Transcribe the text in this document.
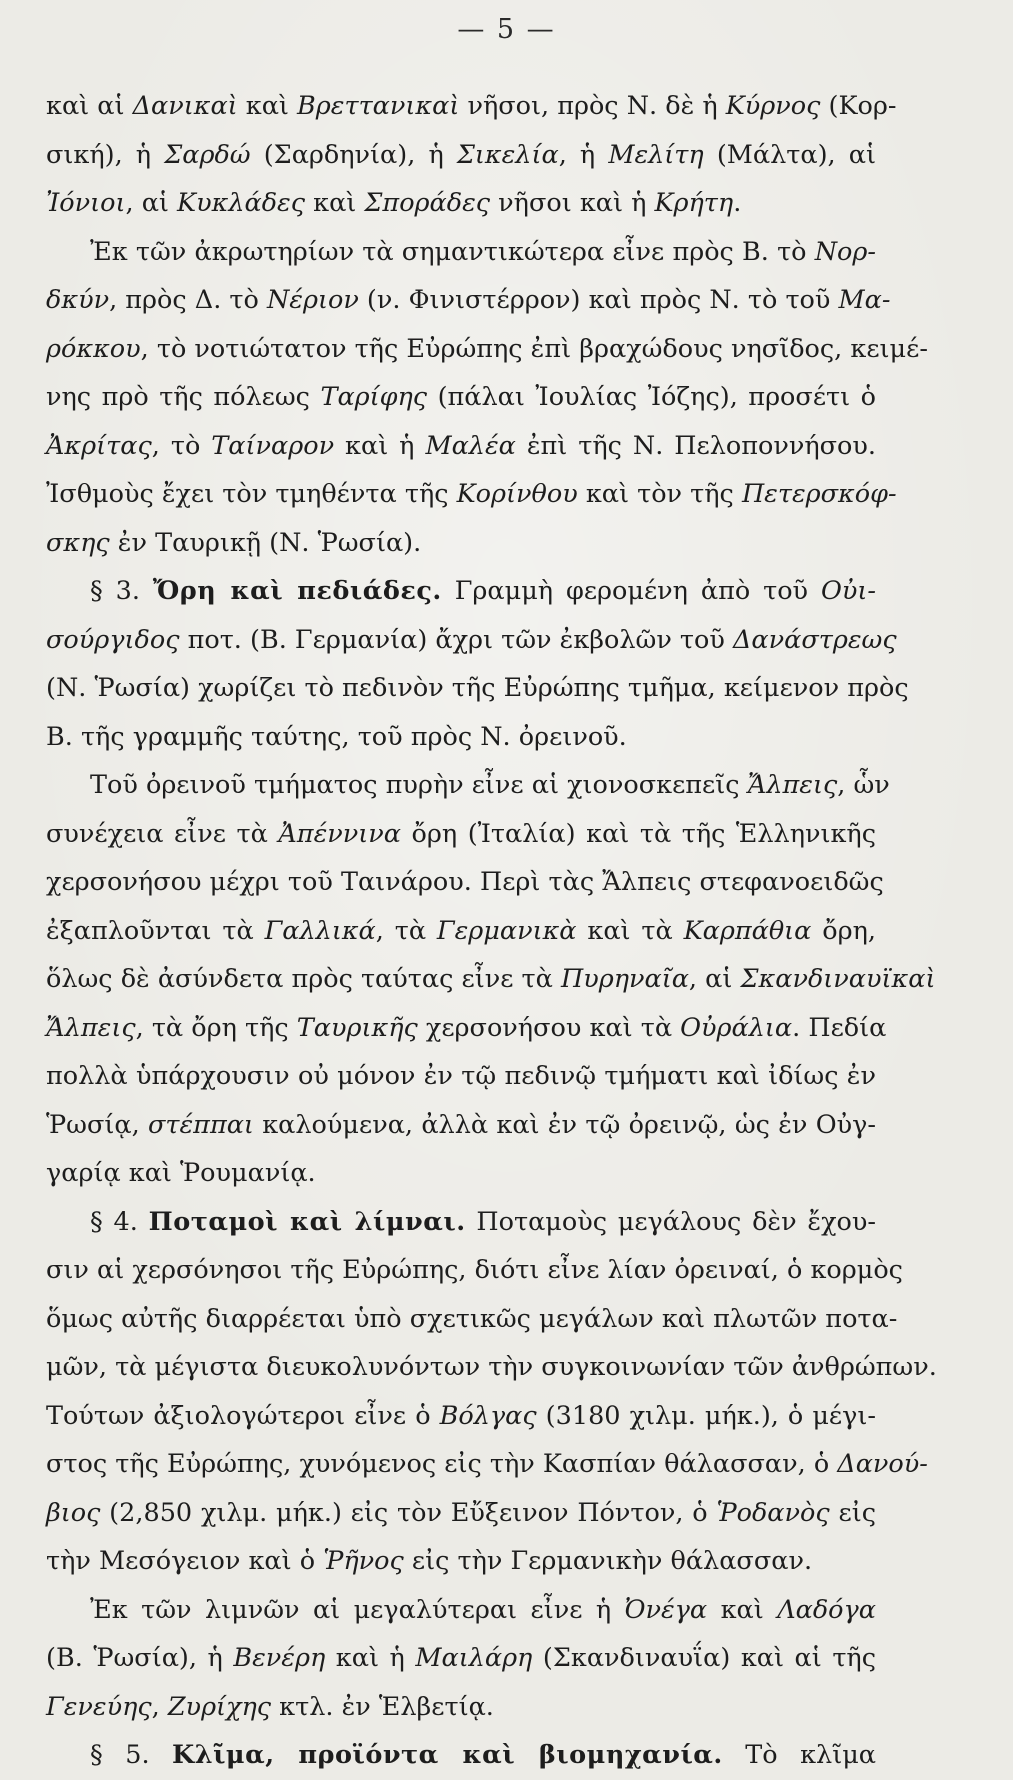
— 5 —
καὶ αἱ Δανικαὶ καὶ Βρεττανικαὶ νῆσοι, πρὸς Ν. δὲ ἡ Κύρνος (Κορ-
σική), ἡ Σαρδώ (Σαρδηνία), ἡ Σικελία, ἡ Μελίτη (Μάλτα), αἱ
Ἰόνιοι, αἱ Κυκλάδες καὶ Σποράδες νῆσοι καὶ ἡ Κρήτη.
Ἐκ τῶν ἀκρωτηρίων τὰ σημαντικώτερα εἶνε πρὸς Β. τὸ Νορ-
δκύν, πρὸς Δ. τὸ Νέριον (ν. Φινιστέρρον) καὶ πρὸς Ν. τὸ τοῦ Μα-
ρόκκου, τὸ νοτιώτατον τῆς Εὐρώπης ἐπὶ βραχώδους νησῖδος, κειμέ-
νης πρὸ τῆς πόλεως Ταρίφης (πάλαι Ἰουλίας Ἰόζης), προσέτι ὁ
Ἀκρίτας, τὸ Ταίναρον καὶ ἡ Μαλέα ἐπὶ τῆς Ν. Πελοποννήσου.
Ἰσθμοὺς ἔχει τὸν τμηθέντα τῆς Κορίνθου καὶ τὸν τῆς Πετερσκόφ-
σκης ἐν Ταυρικῇ (Ν. Ῥωσία).
§ 3. Ὄρη καὶ πεδιάδες. Γραμμὴ φερομένη ἀπὸ τοῦ Οὐι-
σούργιδος ποτ. (Β. Γερμανία) ἄχρι τῶν ἐκβολῶν τοῦ Δανάστρεως
(Ν. Ῥωσία) χωρίζει τὸ πεδινὸν τῆς Εὐρώπης τμῆμα, κείμενον πρὸς
Β. τῆς γραμμῆς ταύτης, τοῦ πρὸς Ν. ὀρεινοῦ.
Τοῦ ὀρεινοῦ τμήματος πυρὴν εἶνε αἱ χιονοσκεπεῖς Ἄλπεις, ὧν
συνέχεια εἶνε τὰ Ἀπέννινα ὄρη (Ἰταλία) καὶ τὰ τῆς Ἑλληνικῆς
χερσονήσου μέχρι τοῦ Ταινάρου. Περὶ τὰς Ἄλπεις στεφανοειδῶς
ἐξαπλοῦνται τὰ Γαλλικά, τὰ Γερμανικὰ καὶ τὰ Καρπάθια ὄρη,
ὅλως δὲ ἀσύνδετα πρὸς ταύτας εἶνε τὰ Πυρηναῖα, αἱ Σκανδιναυϊκαὶ
Ἄλπεις, τὰ ὄρη τῆς Ταυρικῆς χερσονήσου καὶ τὰ Οὐράλια. Πεδία
πολλὰ ὑπάρχουσιν οὐ μόνον ἐν τῷ πεδινῷ τμήματι καὶ ἰδίως ἐν
Ῥωσίᾳ, στέππαι καλούμενα, ἀλλὰ καὶ ἐν τῷ ὀρεινῷ, ὡς ἐν Οὐγ-
γαρίᾳ καὶ Ῥουμανίᾳ.
§ 4. Ποταμοὶ καὶ λίμναι. Ποταμοὺς μεγάλους δὲν ἔχου-
σιν αἱ χερσόνησοι τῆς Εὐρώπης, διότι εἶνε λίαν ὀρειναί, ὁ κορμὸς
ὅμως αὐτῆς διαρρέεται ὑπὸ σχετικῶς μεγάλων καὶ πλωτῶν ποτα-
μῶν, τὰ μέγιστα διευκολυνόντων τὴν συγκοινωνίαν τῶν ἀνθρώπων.
Τούτων ἀξιολογώτεροι εἶνε ὁ Βόλγας (3180 χιλμ. μήκ.), ὁ μέγι-
στος τῆς Εὐρώπης, χυνόμενος εἰς τὴν Κασπίαν θάλασσαν, ὁ Δανού-
βιος (2,850 χιλμ. μήκ.) εἰς τὸν Εὔξεινον Πόντον, ὁ Ῥοδανὸς εἰς
τὴν Μεσόγειον καὶ ὁ Ῥῆνος εἰς τὴν Γερμανικὴν θάλασσαν.
Ἐκ τῶν λιμνῶν αἱ μεγαλύτεραι εἶνε ἡ Ὀνέγα καὶ Λαδόγα
(Β. Ῥωσία), ἡ Βενέρη καὶ ἡ Μαιλάρη (Σκανδιναυΐα) καὶ αἱ τῆς
Γενεύης, Ζυρίχης κτλ. ἐν Ἑλβετίᾳ.
§ 5. Κλῖμα, προϊόντα καὶ βιομηχανία. Τὸ κλῖμα
